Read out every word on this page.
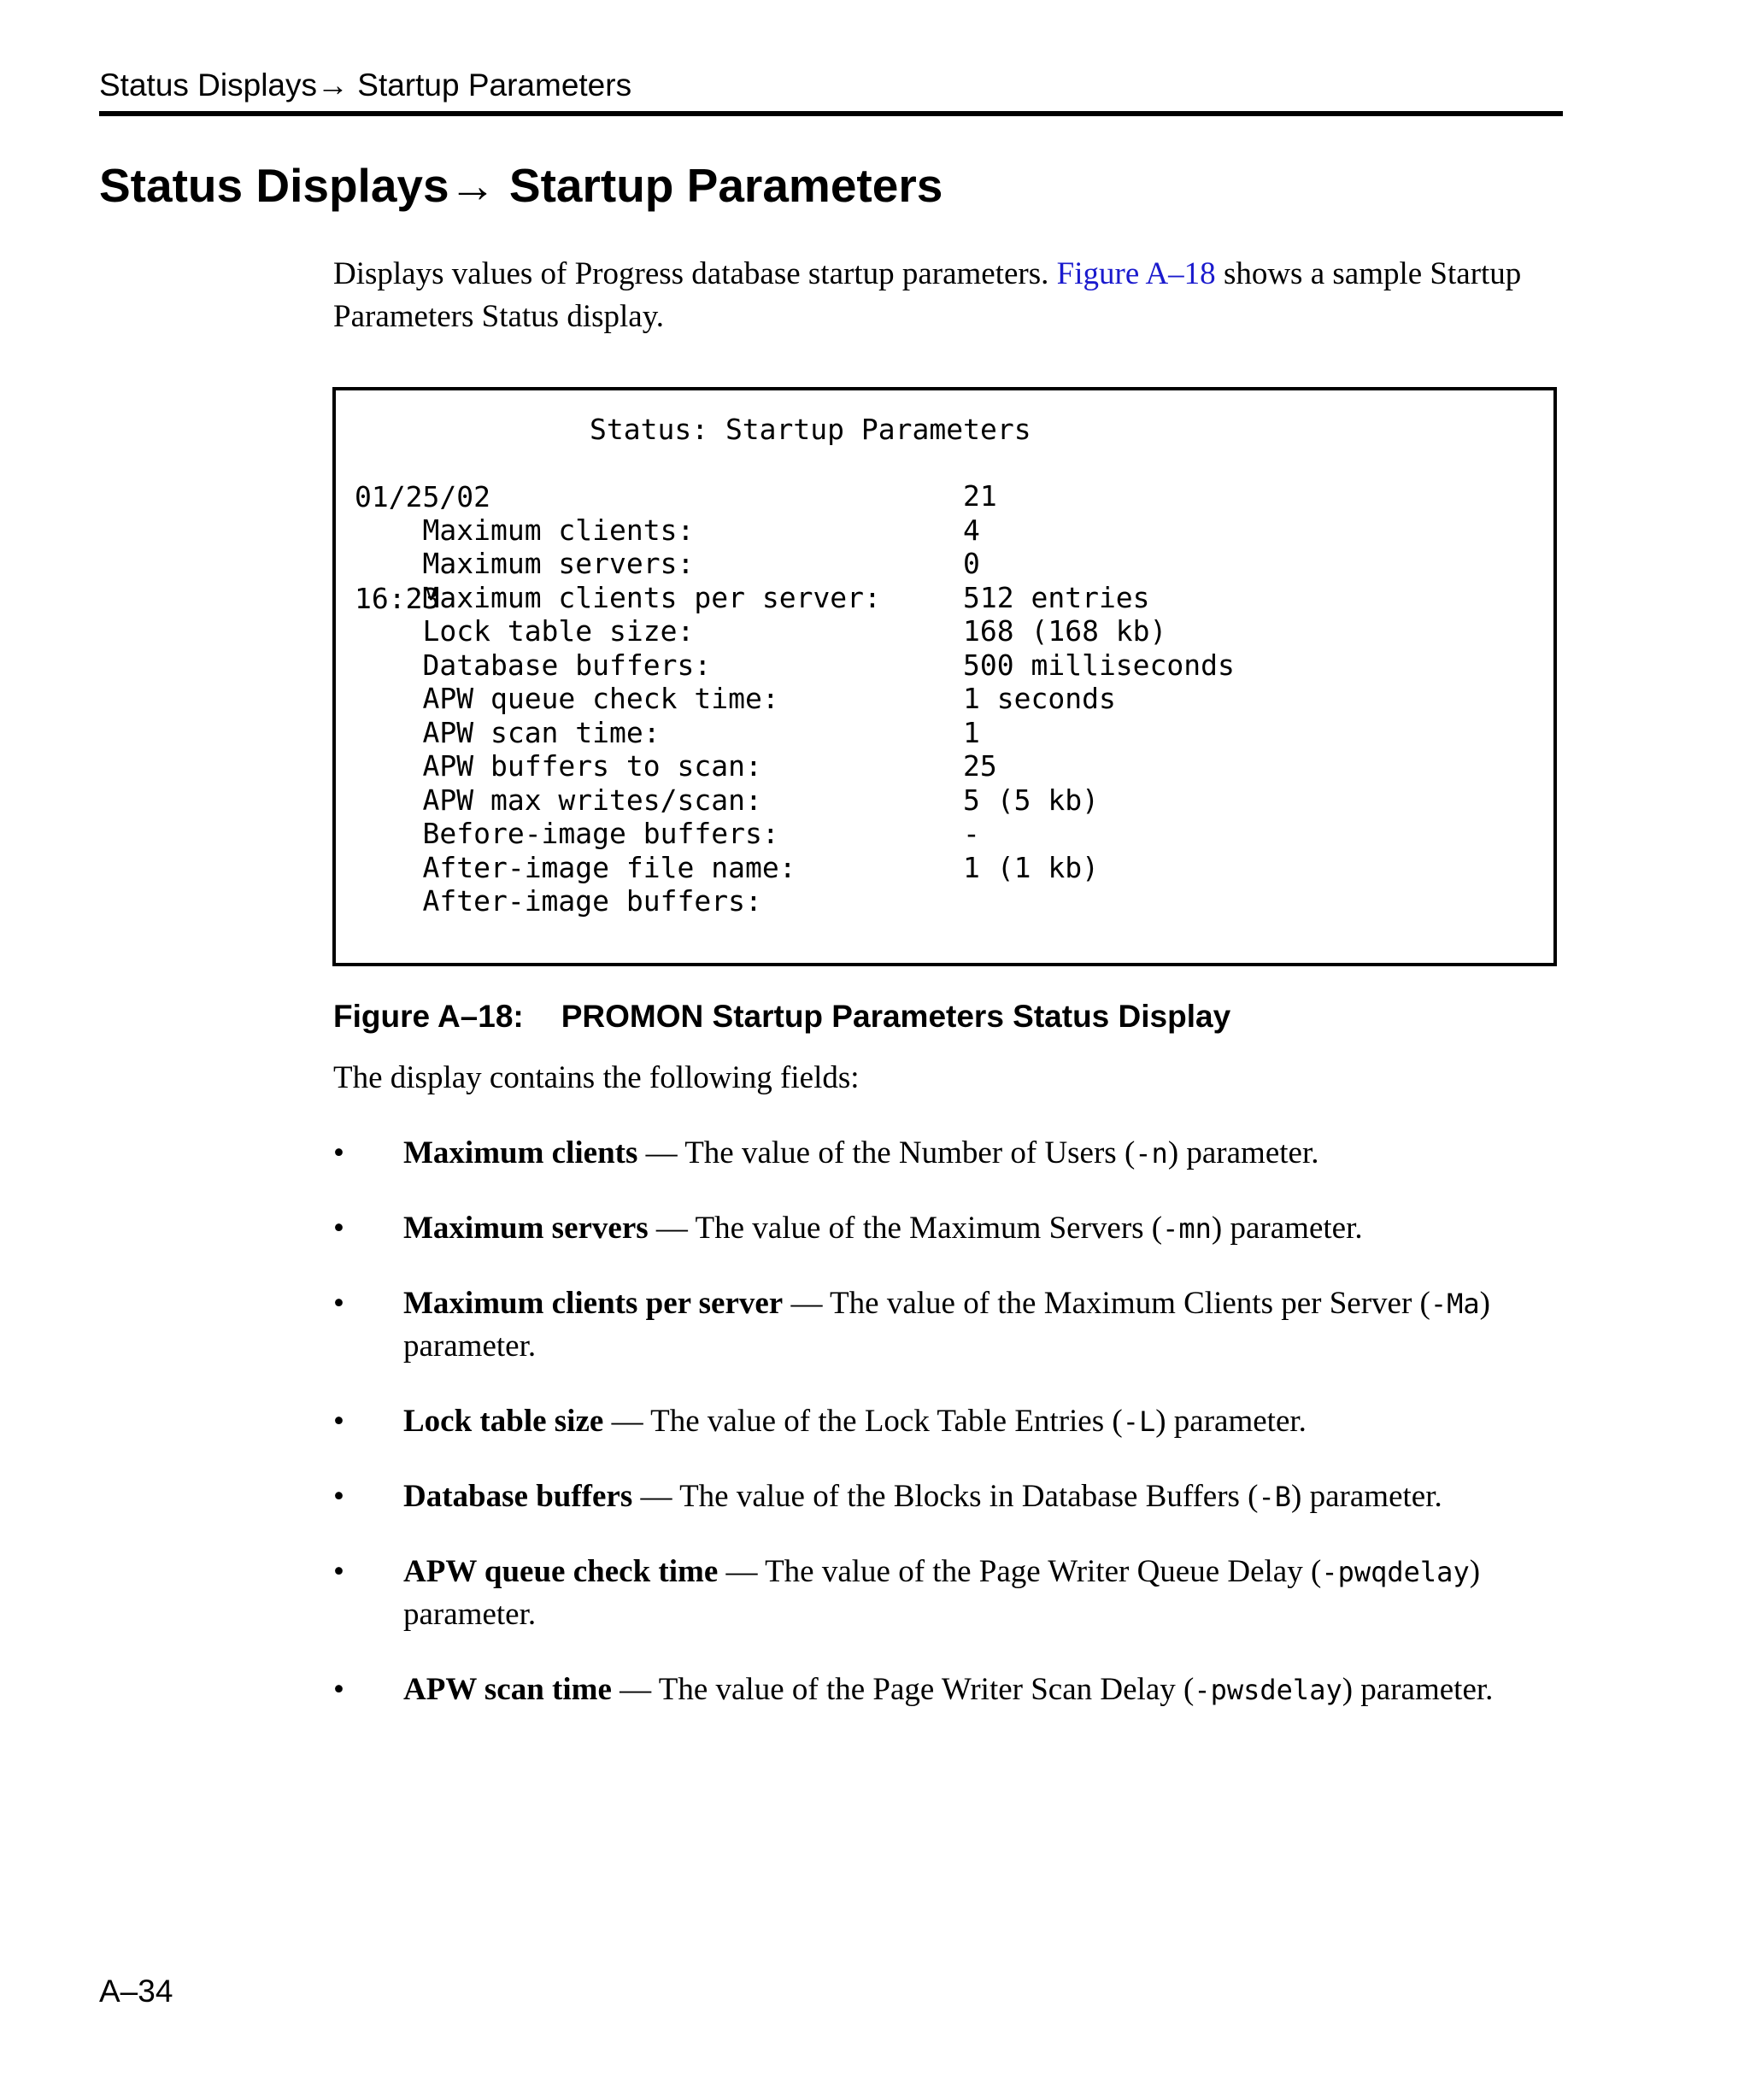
Status Displays→ Startup Parameters
Status Displays→ Startup Parameters

Displays values of Progress database startup parameters. Figure A–18 shows a sample Startup Parameters Status display.

01/25/02

16:23

Status: Startup Parameters

Maximum clients:

21

Maximum servers:

4

Maximum clients per server:

0

Lock table size:

512 entries

Database buffers:

168 (168 kb)

APW queue check time:

500 milliseconds

APW scan time:

1 seconds

APW buffers to scan:

1

APW max writes/scan:

25

Before-image buffers:

5 (5 kb)

After-image file name:

-

After-image buffers:

1 (1 kb)

Figure A–18: PROMON Startup Parameters Status Display

The display contains the following fields:

• Maximum clients — The value of the Number of Users (-n) parameter.
• Maximum servers — The value of the Maximum Servers (-mn) parameter.
• Maximum clients per server — The value of the Maximum Clients per Server (-Ma) parameter.
• Lock table size — The value of the Lock Table Entries (-L) parameter.
• Database buffers — The value of the Blocks in Database Buffers (-B) parameter.
• APW queue check time — The value of the Page Writer Queue Delay (-pwqdelay) parameter.
• APW scan time — The value of the Page Writer Scan Delay (-pwsdelay) parameter.
A–34
